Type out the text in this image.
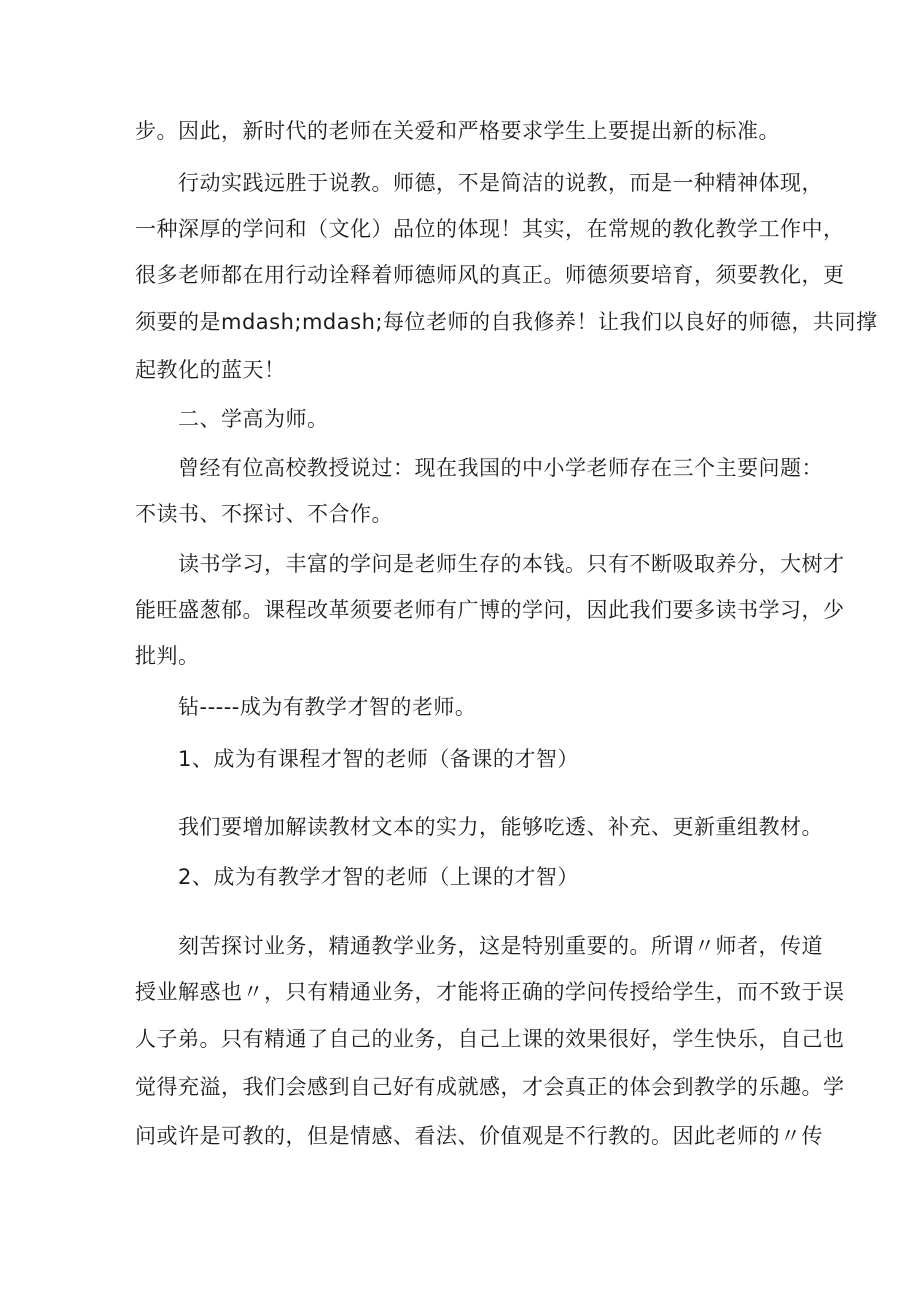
步。因此，新时代的老师在关爱和严格要求学生上要提出新的标准。
行动实践远胜于说教。师德，不是简洁的说教，而是一种精神体现，
一种深厚的学问和（文化）品位的体现！其实，在常规的教化教学工作中，
很多老师都在用行动诠释着师德师风的真正。师德须要培育，须要教化，更
须要的是mdash;mdash;每位老师的自我修养！让我们以良好的师德，共同撑
起教化的蓝天！
二、学高为师。
曾经有位高校教授说过：现在我国的中小学老师存在三个主要问题：
不读书、不探讨、不合作。
读书学习，丰富的学问是老师生存的本钱。只有不断吸取养分，大树才
能旺盛葱郁。课程改革须要老师有广博的学问，因此我们要多读书学习，少
批判。
钻-----成为有教学才智的老师。
1、成为有课程才智的老师（备课的才智）
我们要增加解读教材文本的实力，能够吃透、补充、更新重组教材。
2、成为有教学才智的老师（上课的才智）
刻苦探讨业务，精通教学业务，这是特别重要的。所谓〃师者，传道
授业解惑也〃，只有精通业务，才能将正确的学问传授给学生，而不致于误
人子弟。只有精通了自己的业务，自己上课的效果很好，学生快乐，自己也
觉得充溢，我们会感到自己好有成就感，才会真正的体会到教学的乐趣。学
问或许是可教的，但是情感、看法、价值观是不行教的。因此老师的〃传
